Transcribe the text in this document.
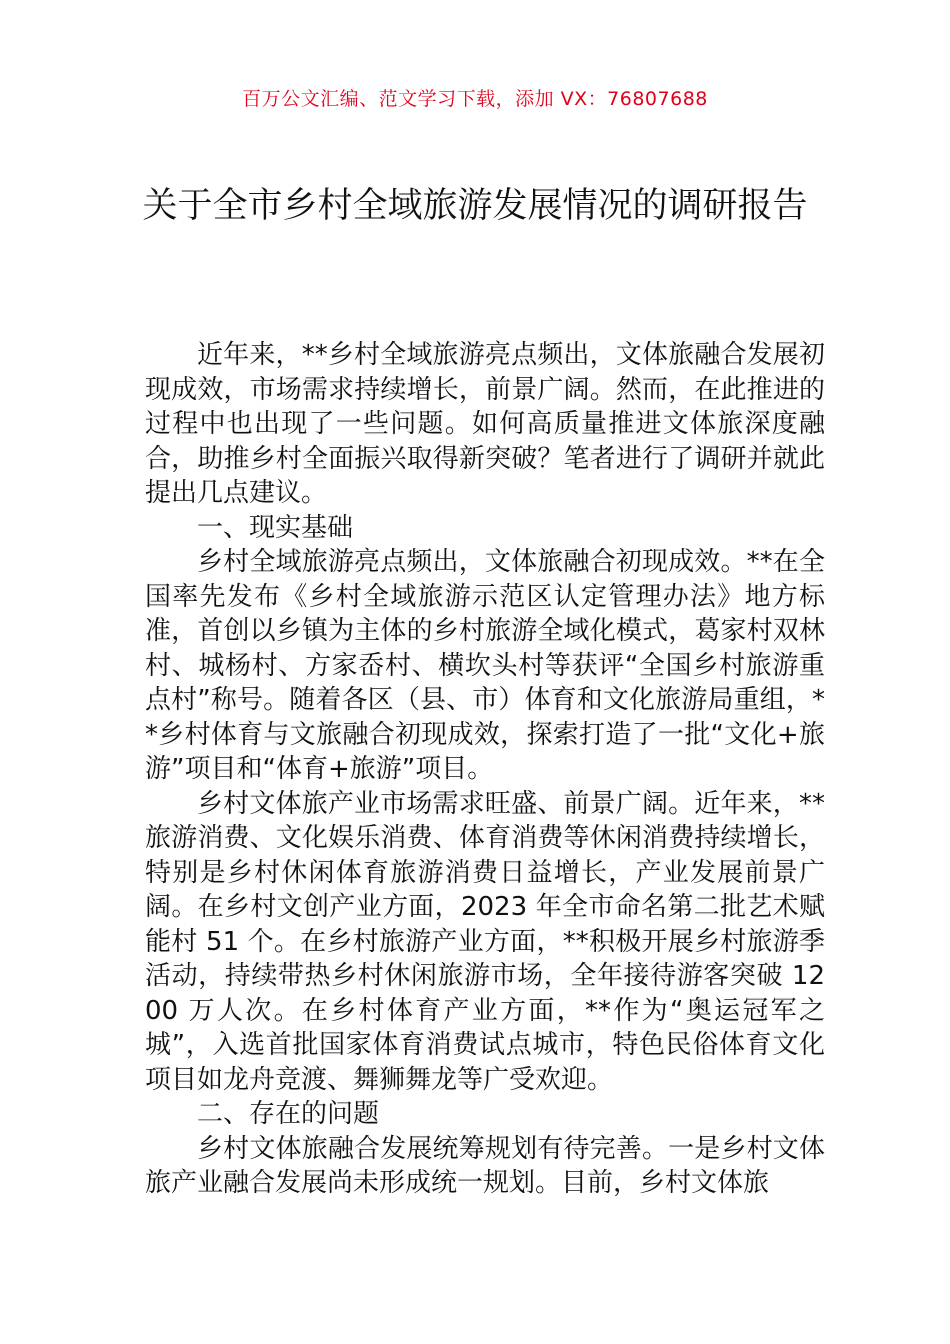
百万公文汇编、范文学习下载，添加 VX：76807688
关于全市乡村全域旅游发展情况的调研报告

近年来，**乡村全域旅游亮点频出，文体旅融合发展初现成效，市场需求持续增长，前景广阔。然而，在此推进的过程中也出现了一些问题。如何高质量推进文体旅深度融合，助推乡村全面振兴取得新突破？笔者进行了调研并就此提出几点建议。

一、现实基础

乡村全域旅游亮点频出，文体旅融合初现成效。**在全国率先发布《乡村全域旅游示范区认定管理办法》地方标准，首创以乡镇为主体的乡村旅游全域化模式，葛家村双林村、城杨村、方家岙村、横坎头村等获评“全国乡村旅游重点村”称号。随着各区（县、市）体育和文化旅游局重组，**乡村体育与文旅融合初现成效，探索打造了一批“文化+旅游”项目和“体育+旅游”项目。

乡村文体旅产业市场需求旺盛、前景广阔。近年来，**旅游消费、文化娱乐消费、体育消费等休闲消费持续增长，特别是乡村休闲体育旅游消费日益增长，产业发展前景广阔。在乡村文创产业方面，2023 年全市命名第二批艺术赋能村 51 个。在乡村旅游产业方面，**积极开展乡村旅游季活动，持续带热乡村休闲旅游市场，全年接待游客突破 1200 万人次。在乡村体育产业方面，**作为“奥运冠军之城”，入选首批国家体育消费试点城市，特色民俗体育文化项目如龙舟竞渡、舞狮舞龙等广受欢迎。

二、存在的问题

乡村文体旅融合发展统筹规划有待完善。一是乡村文体旅产业融合发展尚未形成统一规划。目前，乡村文体旅
